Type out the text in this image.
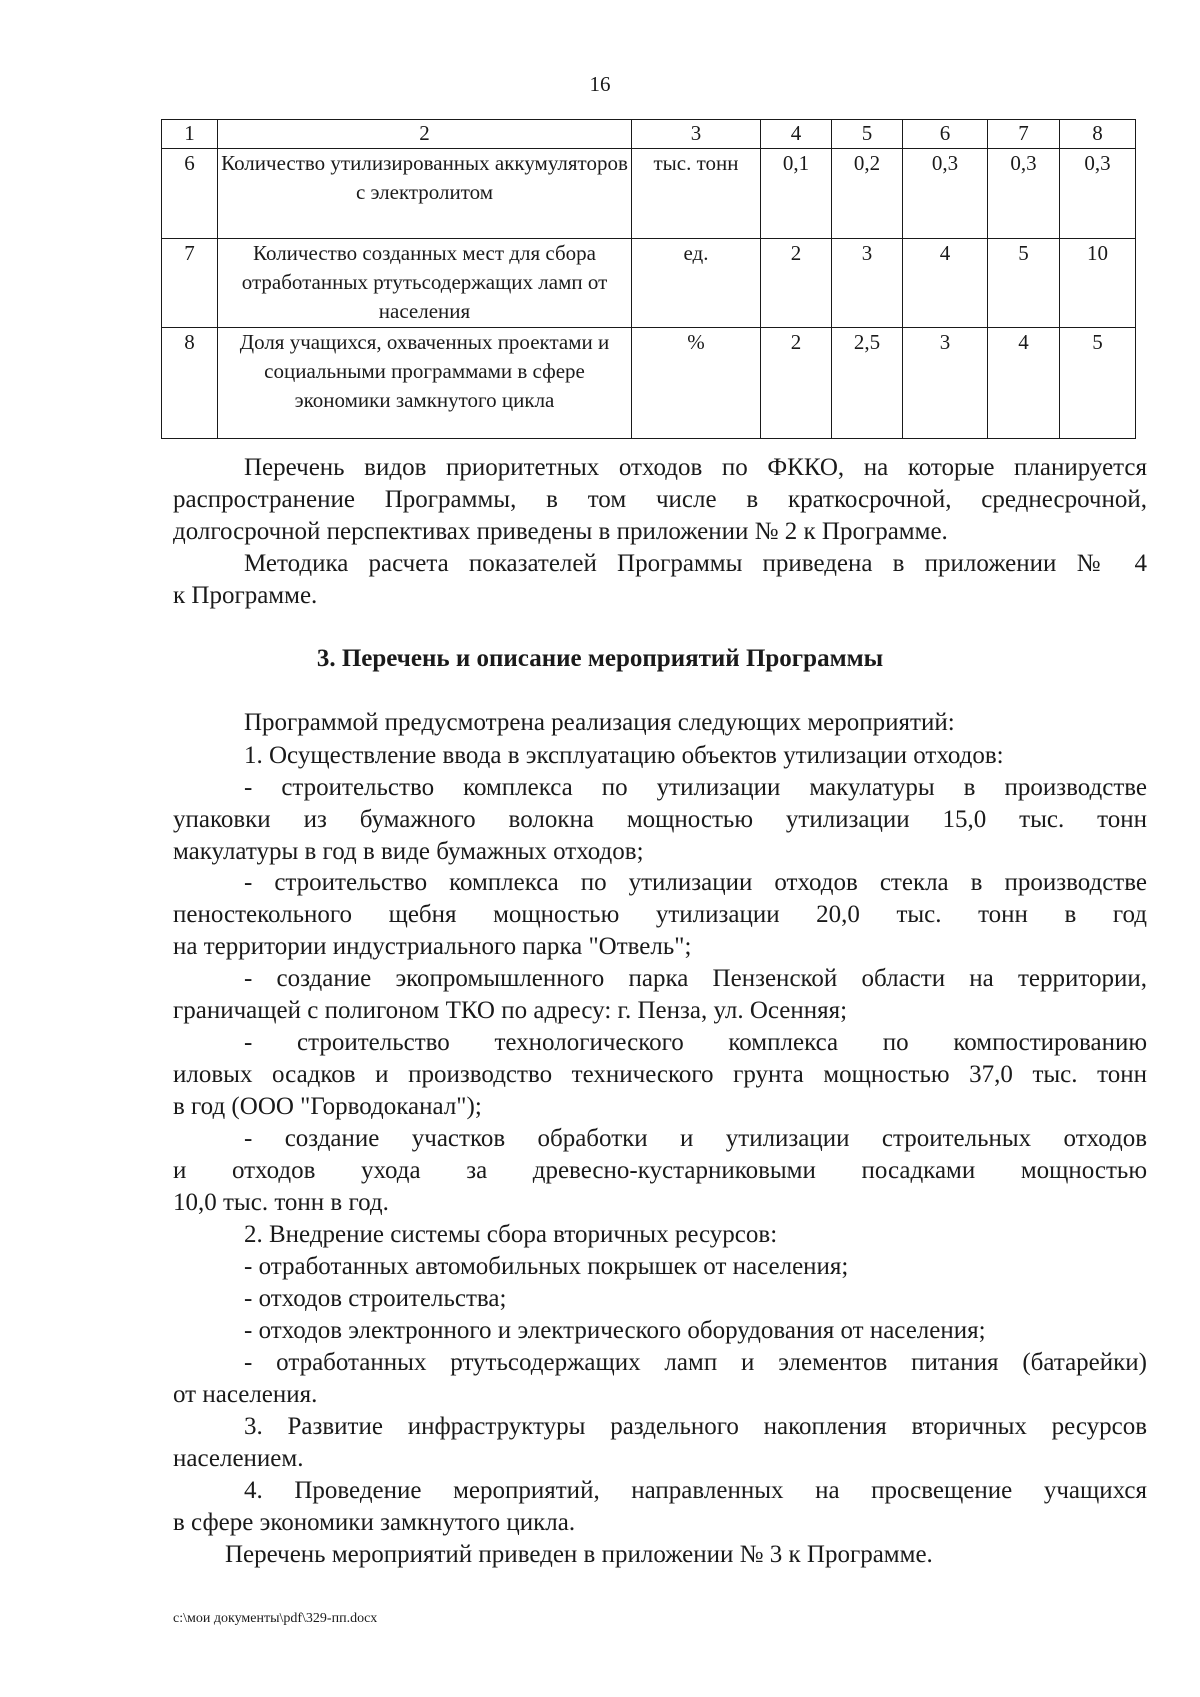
16
1	2	3	4	5	6	7	8
6	Количество утилизированных аккумуляторов с электролитом	тыс. тонн	0,1	0,2	0,3	0,3	0,3
7	Количество созданных мест для сбора отработанных ртутьсодержащих ламп от населения	ед.	2	3	4	5	10
8	Доля учащихся, охваченных проектами и социальными программами в сфере экономики замкнутого цикла	%	2	2,5	3	4	5

Перечень видов приоритетных отходов по ФККО, на которые планируется

распространение Программы, в том числе в краткосрочной, среднесрочной,

долгосрочной перспективах приведены в приложении № 2 к Программе.

Методика расчета показателей Программы приведена в приложении № 4

к Программе.

3. Перечень и описание мероприятий Программы

Программой предусмотрена реализация следующих мероприятий:

1. Осуществление ввода в эксплуатацию объектов утилизации отходов:

- строительство комплекса по утилизации макулатуры в производстве

упаковки из бумажного волокна мощностью утилизации 15,0 тыс. тонн

макулатуры в год в виде бумажных отходов;

- строительство комплекса по утилизации отходов стекла в производстве

пеностекольного щебня мощностью утилизации 20,0 тыс. тонн в год

на территории индустриального парка "Отвель";

- создание экопромышленного парка Пензенской области на территории,

граничащей с полигоном ТКО по адресу: г. Пенза, ул. Осенняя;

- строительство технологического комплекса по компостированию

иловых осадков и производство технического грунта мощностью 37,0 тыс. тонн

в год (ООО "Горводоканал");

- создание участков обработки и утилизации строительных отходов

и отходов ухода за древесно-кустарниковыми посадками мощностью

10,0 тыс. тонн в год.

2. Внедрение системы сбора вторичных ресурсов:

- отработанных автомобильных покрышек от населения;

- отходов строительства;

- отходов электронного и электрического оборудования от населения;

- отработанных ртутьсодержащих ламп и элементов питания (батарейки)

от населения.

3. Развитие инфраструктуры раздельного накопления вторичных ресурсов

населением.

4. Проведение мероприятий, направленных на просвещение учащихся

в сфере экономики замкнутого цикла.

Перечень мероприятий приведен в приложении № 3 к Программе.

c:\мои документы\pdf\329-пп.docx
